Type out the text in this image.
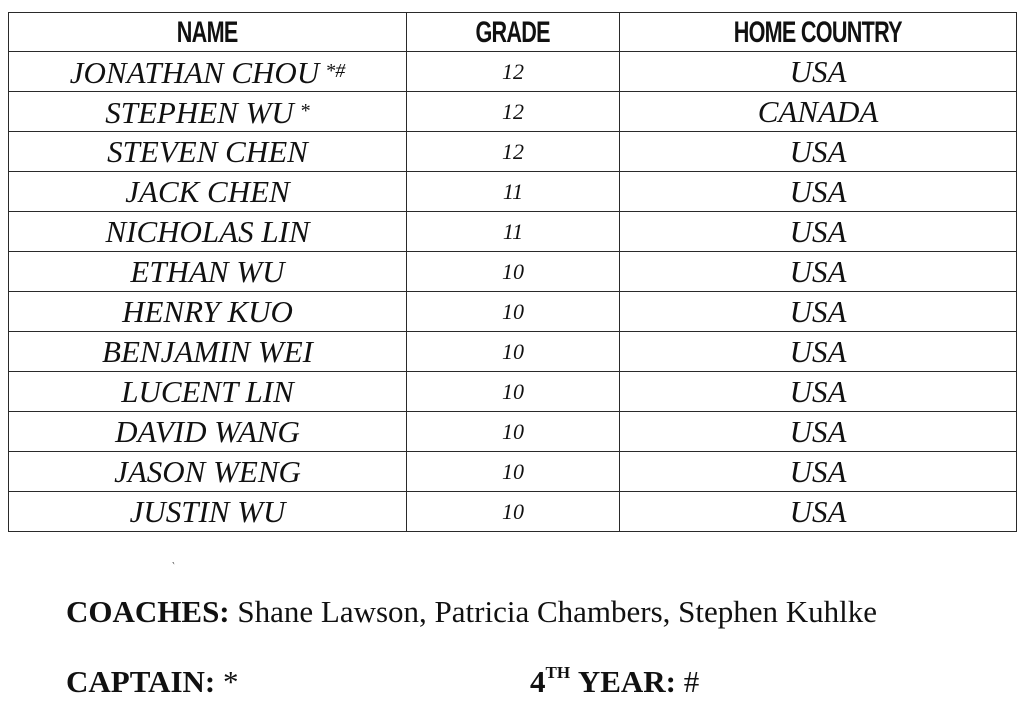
NAME	GRADE	HOME COUNTRY
JONATHAN CHOU *#	12	USA
STEPHEN WU *	12	CANADA
STEVEN CHEN	12	USA
JACK CHEN	11	USA
NICHOLAS LIN	11	USA
ETHAN WU	10	USA
HENRY KUO	10	USA
BENJAMIN WEI	10	USA
LUCENT LIN	10	USA
DAVID WANG	10	USA
JASON WENG	10	USA
JUSTIN WU	10	USA
‵
COACHES: Shane Lawson, Patricia Chambers, Stephen Kuhlke
CAPTAIN: *	4TH YEAR: #
